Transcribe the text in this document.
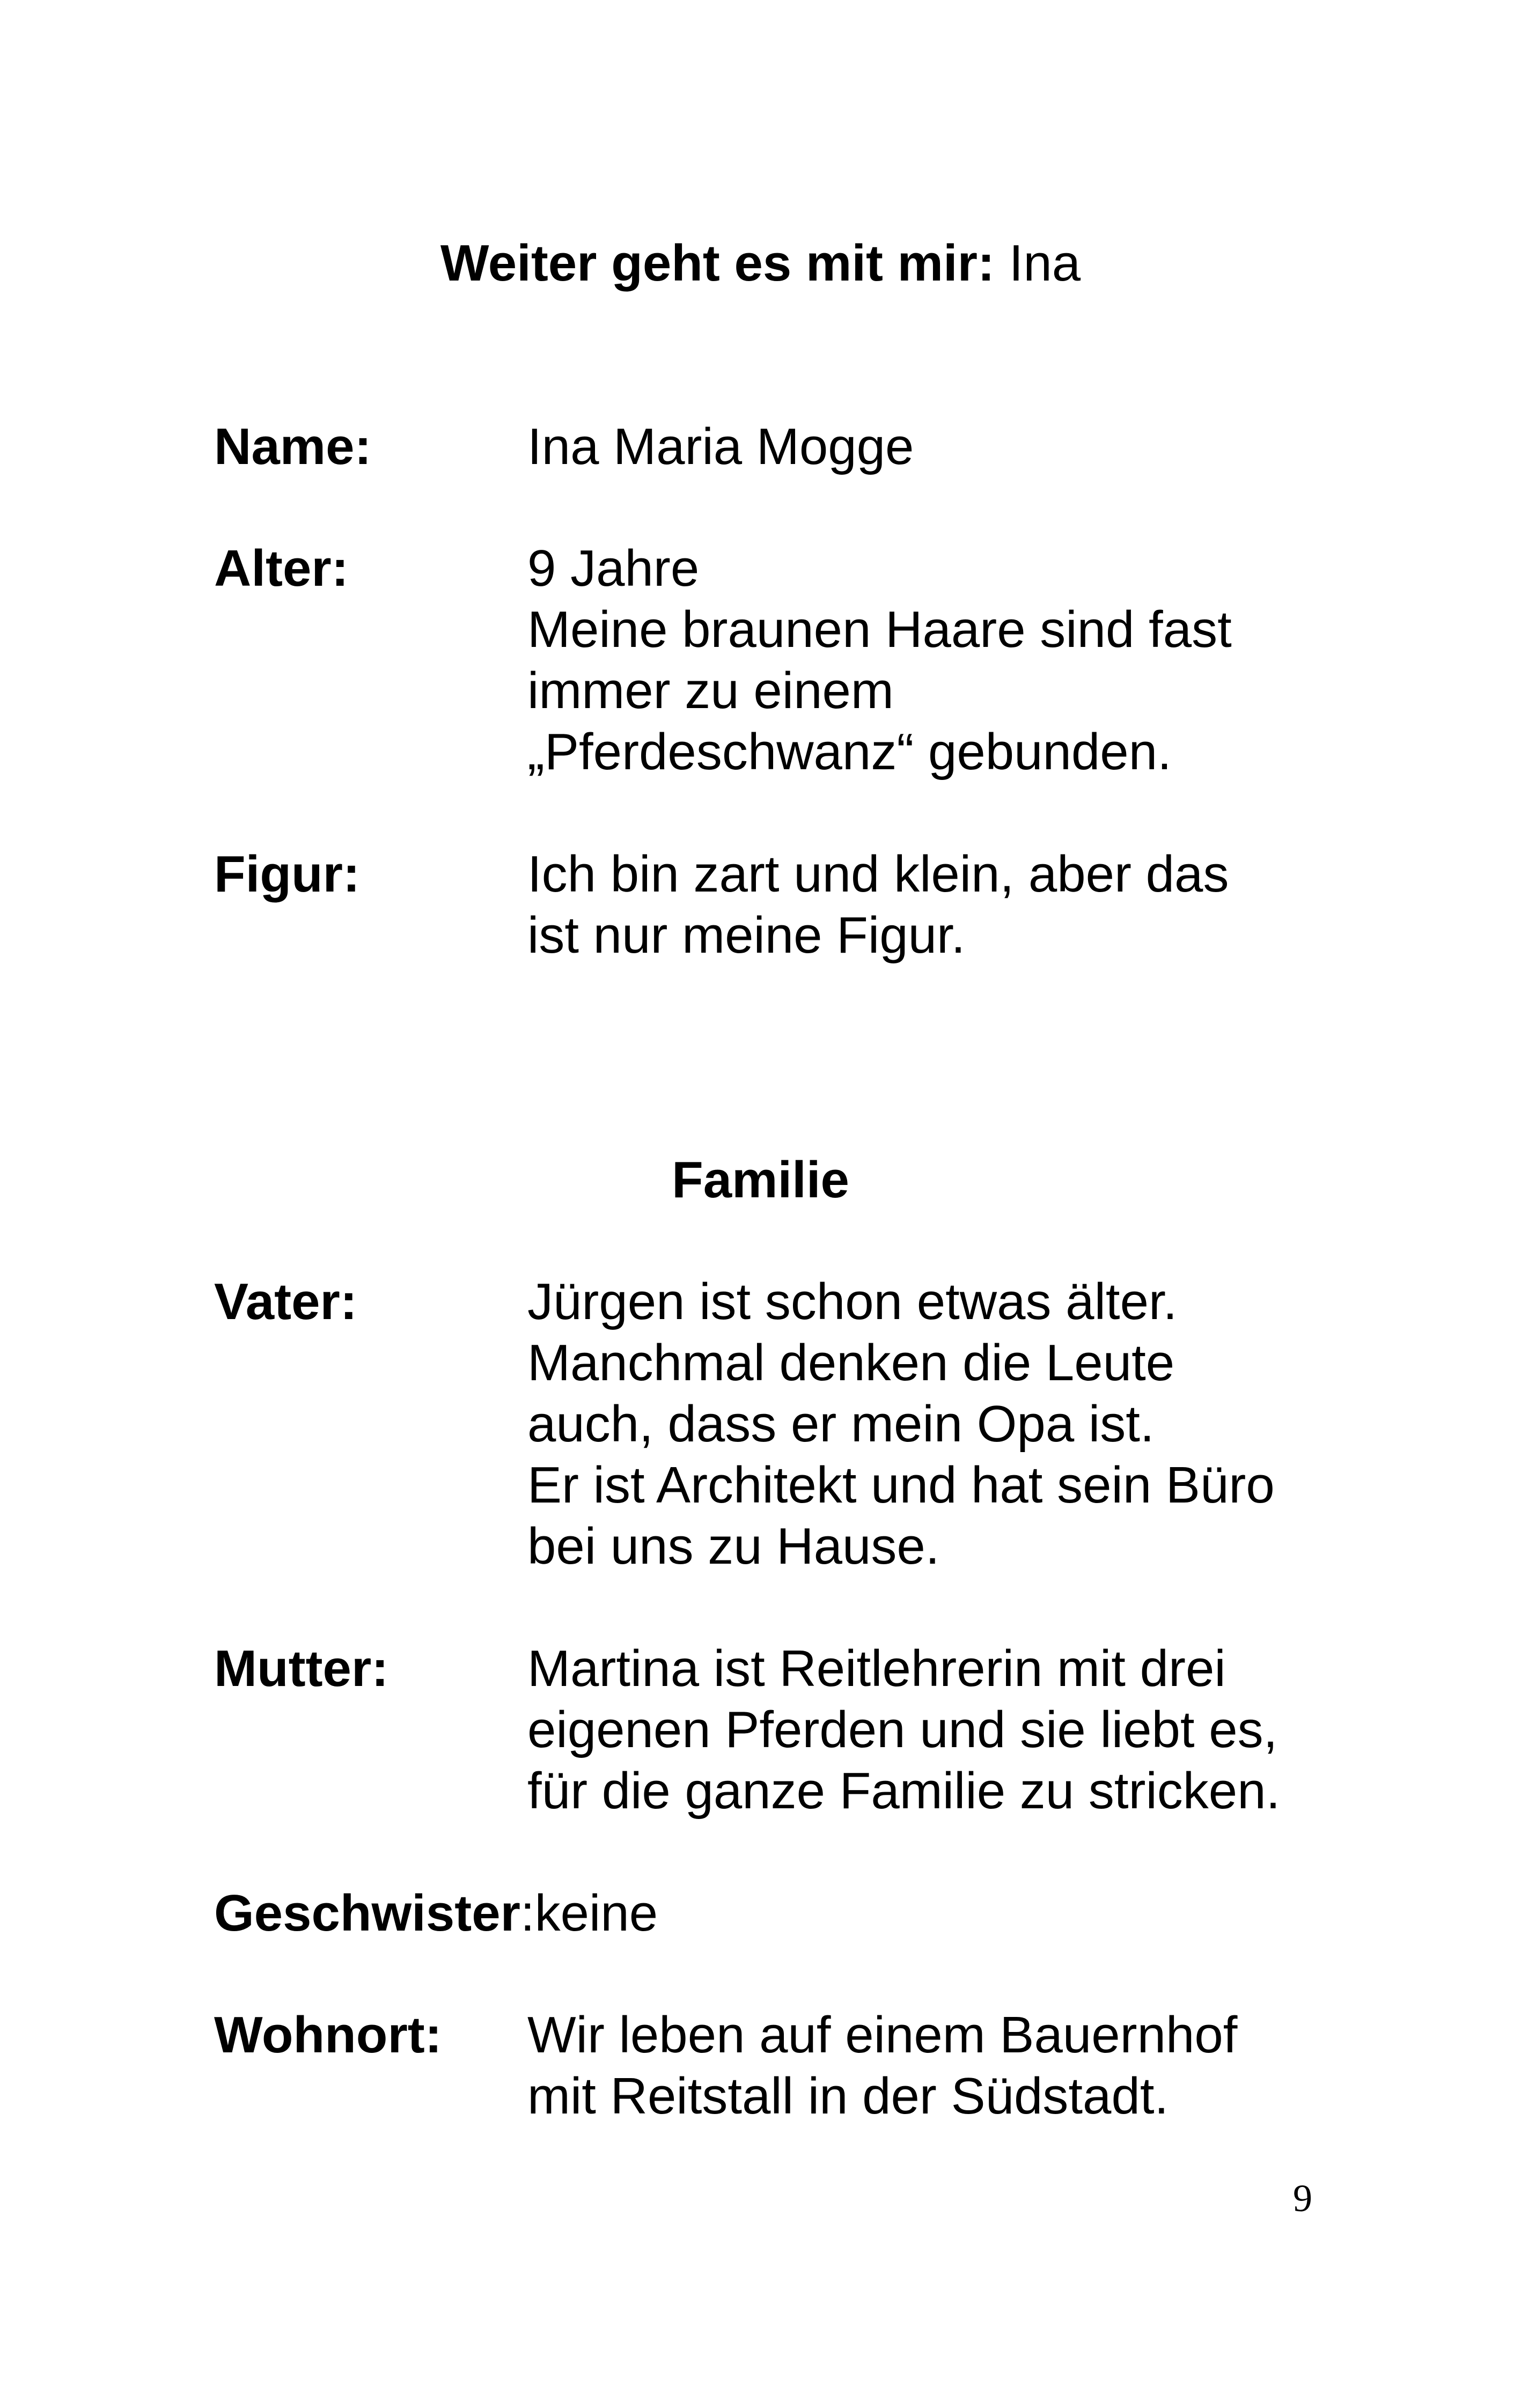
Weiter geht es mit mir: Ina
Name:	Ina Maria Mogge
Alter:	9 Jahre
Meine braunen Haare sind fast
immer zu einem
„Pferdeschwanz“ gebunden.
Figur:	Ich bin zart und klein, aber das
ist nur meine Figur.
Familie
Vater:	Jürgen ist schon etwas älter.
Manchmal denken die Leute
auch, dass er mein Opa ist.
Er ist Architekt und hat sein Büro
bei uns zu Hause.
Mutter:	Martina ist Reitlehrerin mit drei
eigenen Pferden und sie liebt es,
für die ganze Familie zu stricken.
Geschwister:keine
Wohnort: Wir leben auf einem Bauernhof
mit Reitstall in der Südstadt.
9
